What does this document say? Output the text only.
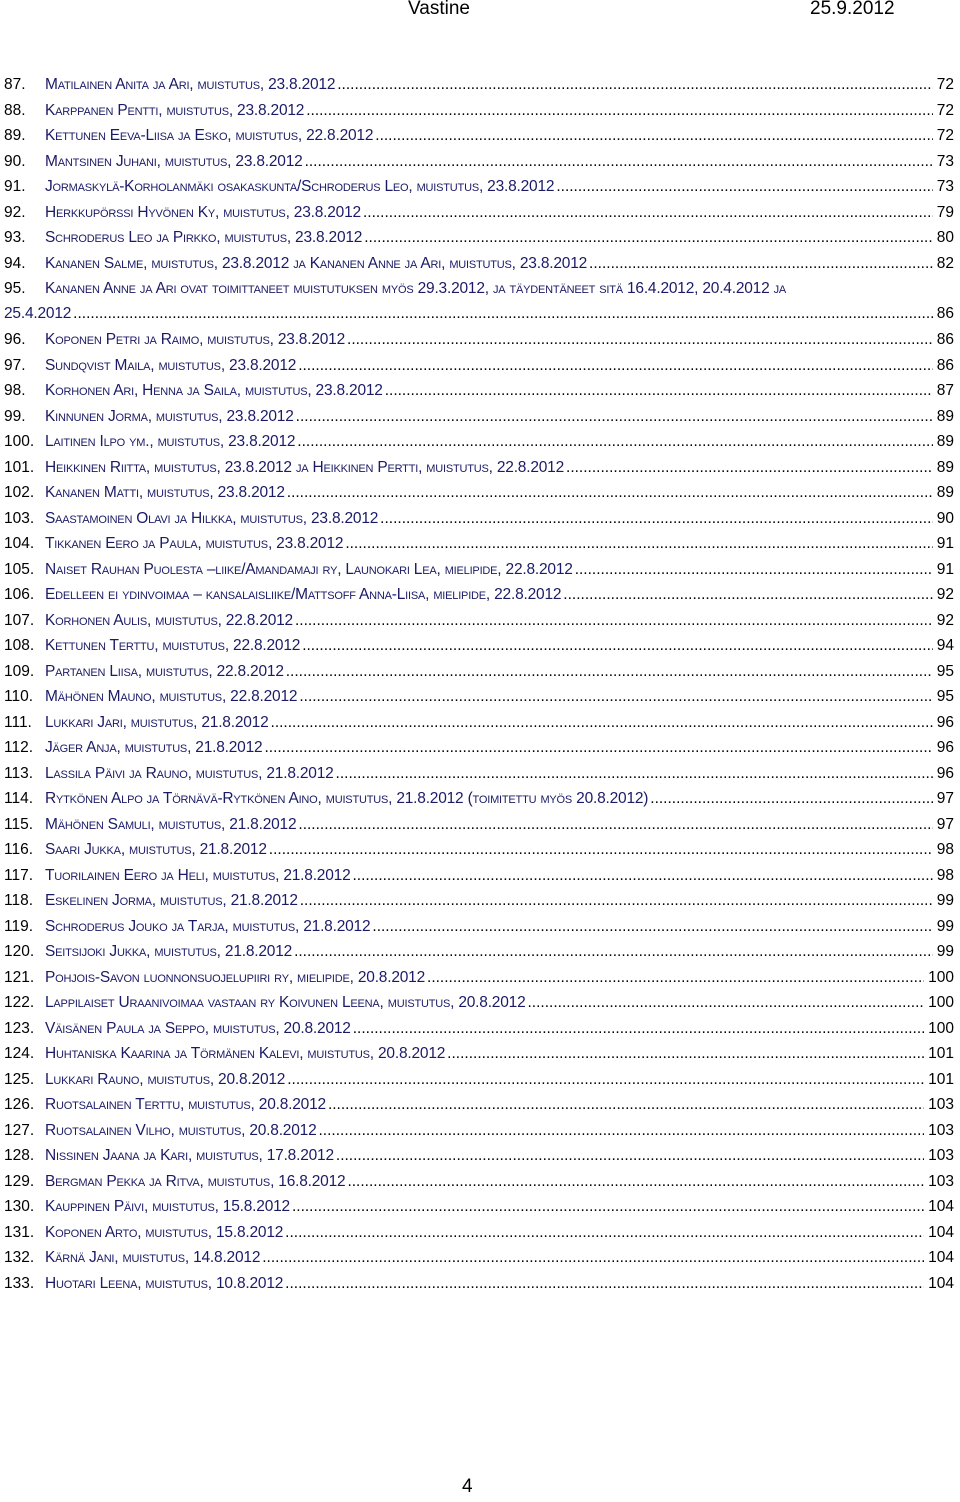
Vastine	25.9.2012
87. Matilainen Anita ja Ari, muistutus, 23.8.2012 .....	72
88. Karppanen Pentti, muistutus, 23.8.2012 .....	72
89. Kettunen Eeva-Liisa ja Esko, muistutus, 22.8.2012 .....	72
90. Mantsinen Juhani, muistutus, 23.8.2012 .....	73
91. Jormaskylä-Korholanmäki osakaskunta/Schroderus Leo, muistutus, 23.8.2012 .....	73
92. Herkkupörssi Hyvönen Ky, muistutus, 23.8.2012 .....	79
93. Schroderus Leo ja Pirkko, muistutus, 23.8.2012 .....	80
94. Kananen Salme, muistutus, 23.8.2012 ja Kananen Anne ja Ari, muistutus, 23.8.2012 .....	82
95. Kananen Anne ja Ari ovat toimittaneet muistutuksen myös 29.3.2012, ja täydentäneet sitä 16.4.2012, 20.4.2012 ja
25.4.2012 .....	86
96. Koponen Petri ja Raimo, muistutus, 23.8.2012 .....	86
97. Sundqvist Maila, muistutus, 23.8.2012 .....	86
98. Korhonen Ari, Henna ja Saila, muistutus, 23.8.2012 .....	87
99. Kinnunen Jorma, muistutus, 23.8.2012 .....	89
100. Laitinen Ilpo ym., muistutus, 23.8.2012 .....	89
101. Heikkinen Riitta, muistutus, 23.8.2012 ja Heikkinen Pertti, muistutus, 22.8.2012 .....	89
102. Kananen Matti, muistutus, 23.8.2012 .....	89
103. Saastamoinen Olavi ja Hilkka, muistutus, 23.8.2012 .....	90
104. Tikkanen Eero ja Paula, muistutus, 23.8.2012 .....	91
105. Naiset Rauhan Puolesta –liike/Amandamaji ry, Launokari Lea, mielipide, 22.8.2012 .....	91
106. Edelleen ei ydinvoimaa – kansalaisliike/Mattsoff Anna-Liisa, mielipide, 22.8.2012 .....	92
107. Korhonen Aulis, muistutus, 22.8.2012 .....	92
108. Kettunen Terttu, muistutus, 22.8.2012 .....	94
109. Partanen Liisa, muistutus, 22.8.2012 .....	95
110. Mähönen Mauno, muistutus, 22.8.2012 .....	95
111. Lukkari Jari, muistutus, 21.8.2012 .....	96
112. Jäger Anja, muistutus, 21.8.2012 .....	96
113. Lassila Päivi ja Rauno, muistutus, 21.8.2012 .....	96
114. Rytkönen Alpo ja Törnävä-Rytkönen Aino, muistutus, 21.8.2012 (toimitettu myös 20.8.2012) .....	97
115. Mähönen Samuli, muistutus, 21.8.2012 .....	97
116. Saari Jukka, muistutus, 21.8.2012 .....	98
117. Tuorilainen Eero ja Heli, muistutus, 21.8.2012 .....	98
118. Eskelinen Jorma, muistutus, 21.8.2012 .....	99
119. Schroderus Jouko ja Tarja, muistutus, 21.8.2012 .....	99
120. Seitsijoki Jukka, muistutus, 21.8.2012 .....	99
121. Pohjois-Savon luonnonsuojelupiiri ry, mielipide, 20.8.2012 .....	100
122. Lappilaiset Uraanivoimaa vastaan ry Koivunen Leena, muistutus, 20.8.2012 .....	100
123. Väisänen Paula ja Seppo, muistutus, 20.8.2012 .....	100
124. Huhtaniska Kaarina ja Törmänen Kalevi, muistutus, 20.8.2012 .....	101
125. Lukkari Rauno, muistutus, 20.8.2012 .....	101
126. Ruotsalainen Terttu, muistutus, 20.8.2012 .....	103
127. Ruotsalainen Vilho, muistutus, 20.8.2012 .....	103
128. Nissinen Jaana ja Kari, muistutus, 17.8.2012 .....	103
129. Bergman Pekka ja Ritva, muistutus, 16.8.2012 .....	103
130. Kauppinen Päivi, muistutus, 15.8.2012 .....	104
131. Koponen Arto, muistutus, 15.8.2012 .....	104
132. Kärnä Jani, muistutus, 14.8.2012 .....	104
133. Huotari Leena, muistutus, 10.8.2012 .....	104
4
